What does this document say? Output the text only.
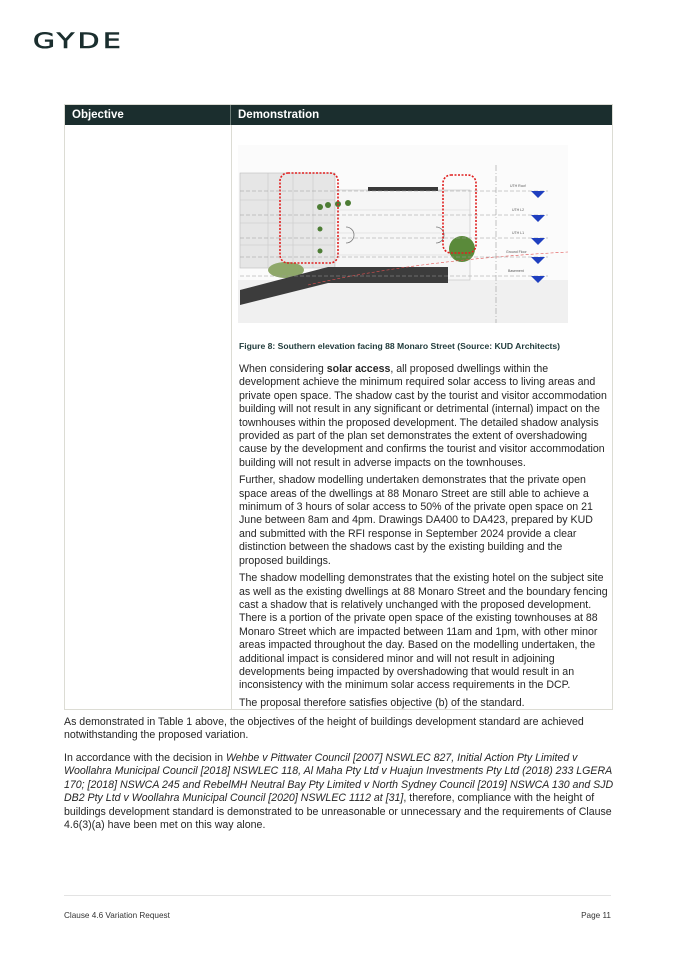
GYDE
Objective	Demonstration
UTH Roof
UTH L2
UTH L1
Ground Floor
Basement
Figure 8: Southern elevation facing 88 Monaro Street (Source: KUD Architects)

When considering solar access, all proposed dwellings within the development achieve the minimum required solar access to living areas and private open space. The shadow cast by the tourist and visitor accommodation building will not result in any significant or detrimental (internal) impact on the townhouses within the proposed development. The detailed shadow analysis provided as part of the plan set demonstrates the extent of overshadowing cause by the development and confirms the tourist and visitor accommodation building will not result in adverse impacts on the townhouses.

Further, shadow modelling undertaken demonstrates that the private open space areas of the dwellings at 88 Monaro Street are still able to achieve a minimum of 3 hours of solar access to 50% of the private open space on 21 June between 8am and 4pm. Drawings DA400 to DA423, prepared by KUD and submitted with the RFI response in September 2024 provide a clear distinction between the shadows cast by the existing building and the proposed buildings.

The shadow modelling demonstrates that the existing hotel on the subject site as well as the existing dwellings at 88 Monaro Street and the boundary fencing cast a shadow that is relatively unchanged with the proposed development. There is a portion of the private open space of the existing townhouses at 88 Monaro Street which are impacted between 11am and 1pm, with other minor areas impacted throughout the day. Based on the modelling undertaken, the additional impact is considered minor and will not result in adjoining developments being impacted by overshadowing that would result in an inconsistency with the minimum solar access requirements in the DCP.

The proposal therefore satisfies objective (b) of the standard.

As demonstrated in Table 1 above, the objectives of the height of buildings development standard are achieved notwithstanding the proposed variation.

In accordance with the decision in Wehbe v Pittwater Council [2007] NSWLEC 827, Initial Action Pty Limited v Woollahra Municipal Council [2018] NSWLEC 118, Al Maha Pty Ltd v Huajun Investments Pty Ltd (2018) 233 LGERA 170; [2018] NSWCA 245 and RebelMH Neutral Bay Pty Limited v North Sydney Council [2019] NSWCA 130 and SJD DB2 Pty Ltd v Woollahra Municipal Council [2020] NSWLEC 1112 at [31], therefore, compliance with the height of buildings development standard is demonstrated to be unreasonable or unnecessary and the requirements of Clause 4.6(3)(a) have been met on this way alone.

Clause 4.6 Variation Request	Page 11
